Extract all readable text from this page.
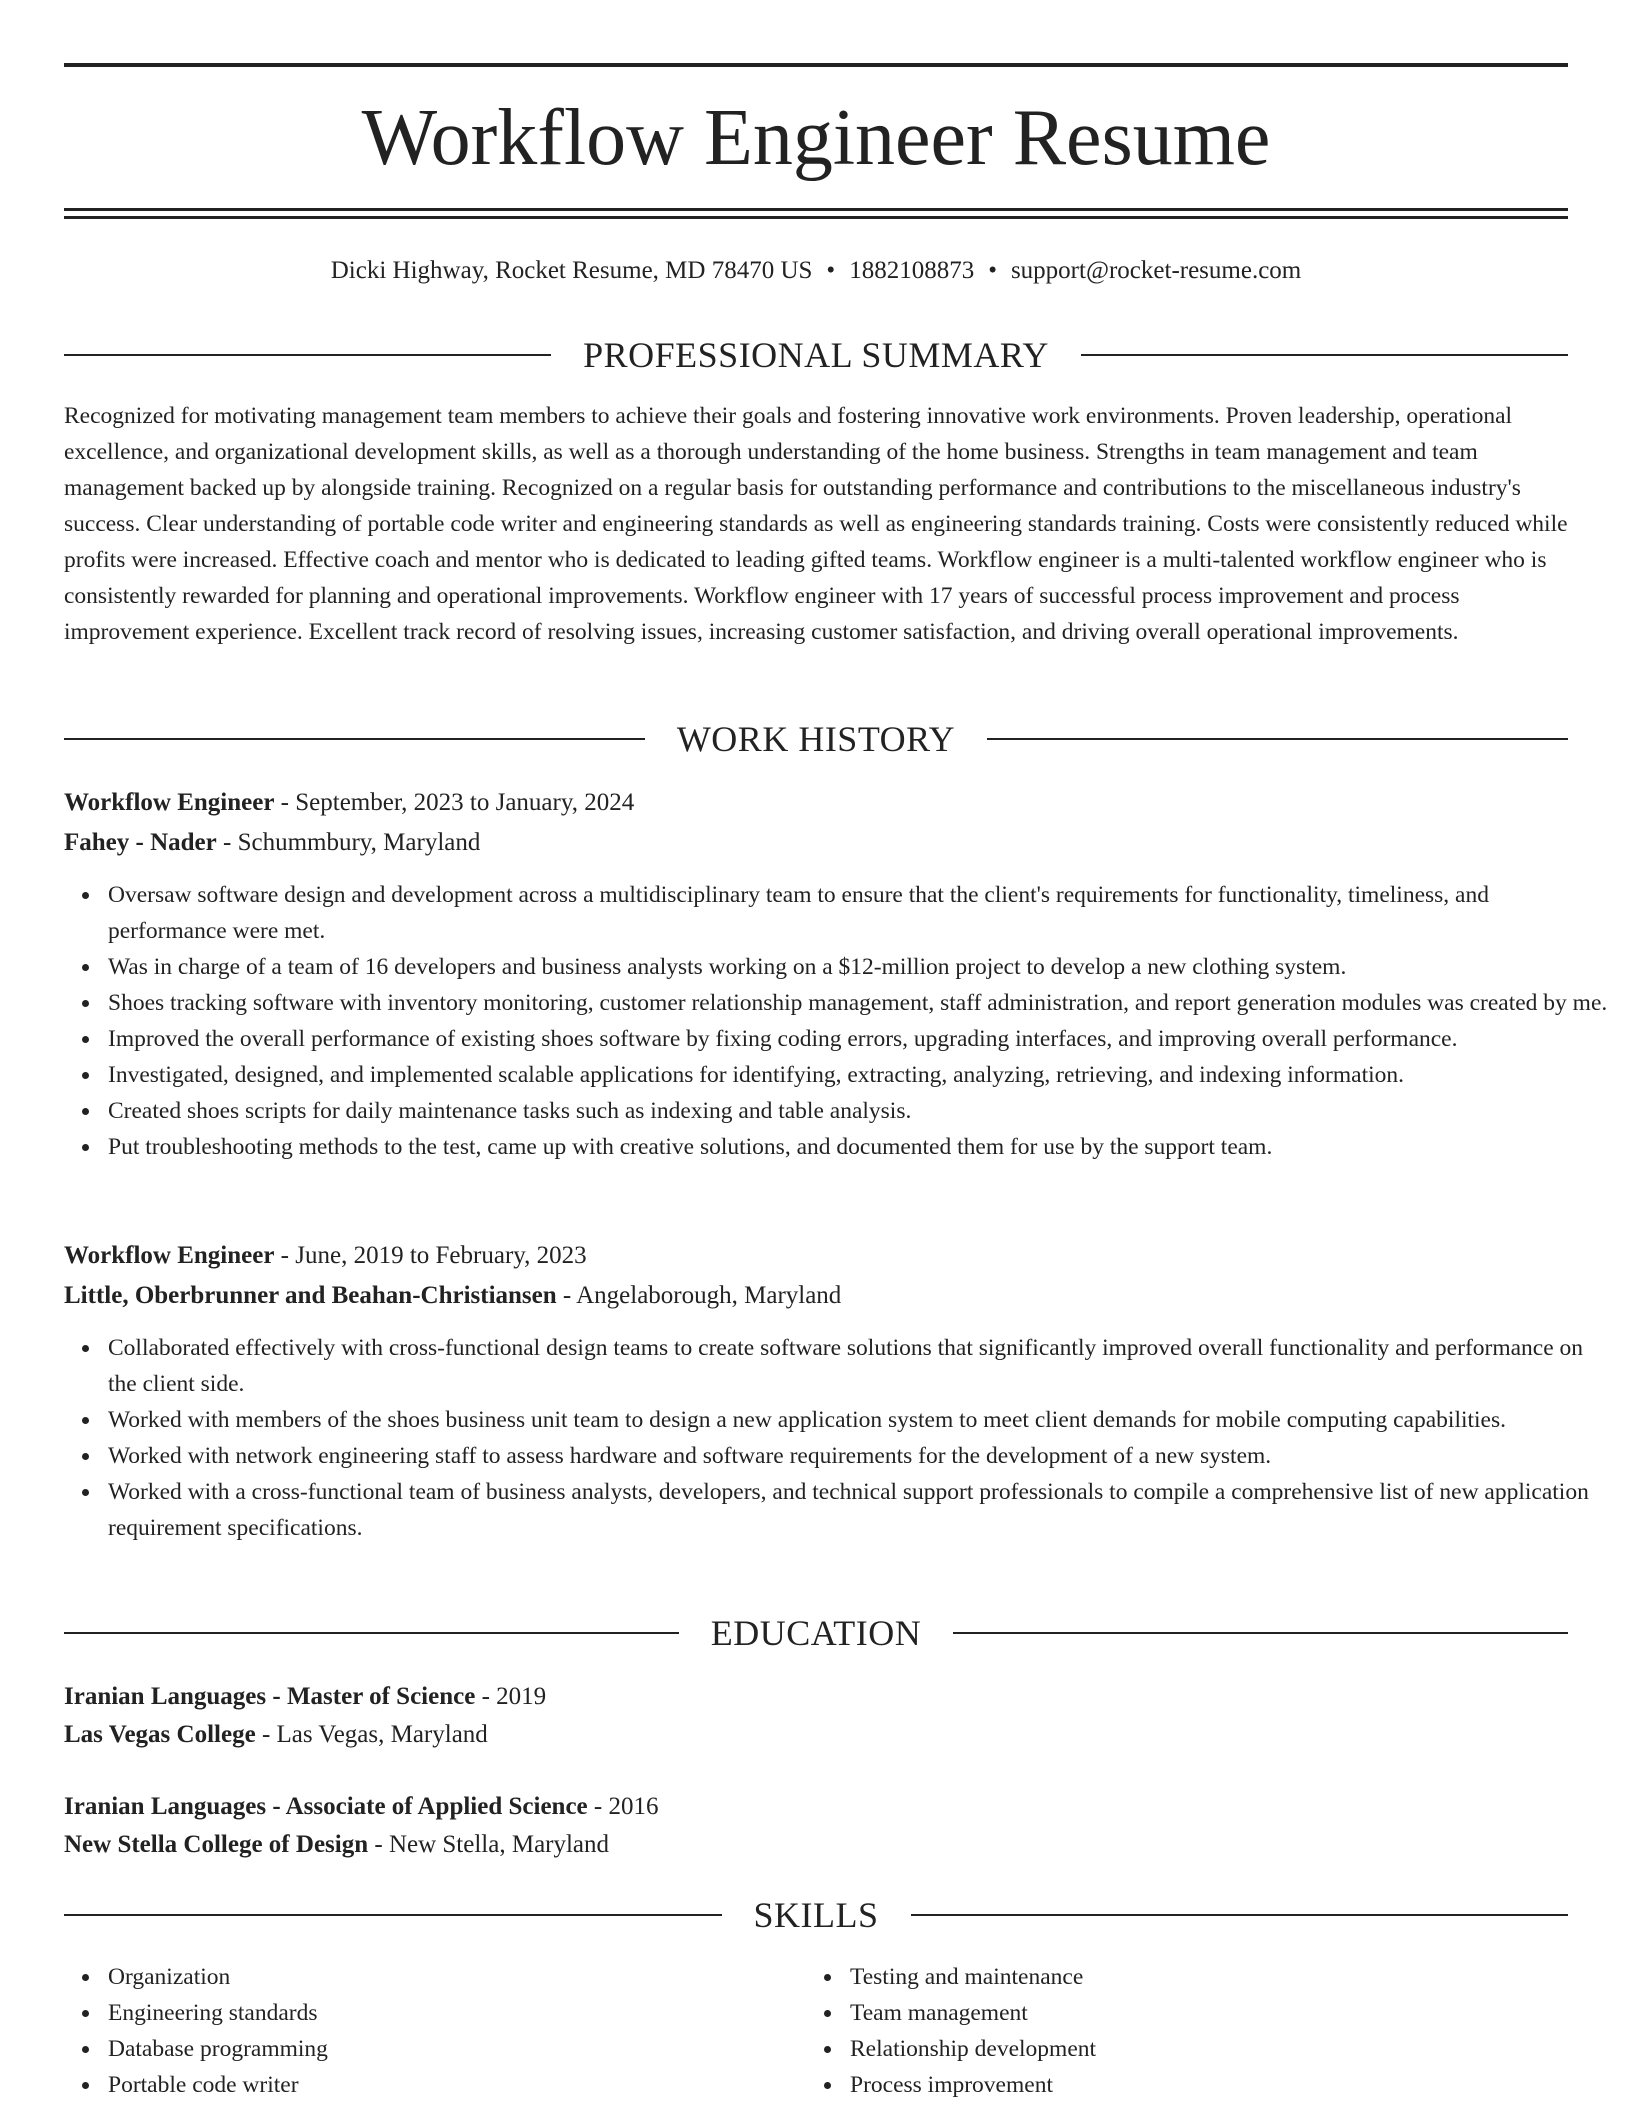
Workflow Engineer Resume
Dicki Highway, Rocket Resume, MD 78470 US • 1882108873 • support@rocket-resume.com
PROFESSIONAL SUMMARY

Recognized for motivating management team members to achieve their goals and fostering innovative work environments. Proven leadership, operational excellence, and organizational development skills, as well as a thorough understanding of the home business. Strengths in team management and team management backed up by alongside training. Recognized on a regular basis for outstanding performance and contributions to the miscellaneous industry's success. Clear understanding of portable code writer and engineering standards as well as engineering standards training. Costs were consistently reduced while profits were increased. Effective coach and mentor who is dedicated to leading gifted teams. Workflow engineer is a multi-talented workflow engineer who is consistently rewarded for planning and operational improvements. Workflow engineer with 17 years of successful process improvement and process improvement experience. Excellent track record of resolving issues, increasing customer satisfaction, and driving overall operational improvements.

WORK HISTORY
Workflow Engineer - September, 2023 to January, 2024
Fahey - Nader - Schummbury, Maryland
Oversaw software design and development across a multidisciplinary team to ensure that the client's requirements for functionality, timeliness, and performance were met.
Was in charge of a team of 16 developers and business analysts working on a $12-million project to develop a new clothing system.
Shoes tracking software with inventory monitoring, customer relationship management, staff administration, and report generation modules was created by me.
Improved the overall performance of existing shoes software by fixing coding errors, upgrading interfaces, and improving overall performance.
Investigated, designed, and implemented scalable applications for identifying, extracting, analyzing, retrieving, and indexing information.
Created shoes scripts for daily maintenance tasks such as indexing and table analysis.
Put troubleshooting methods to the test, came up with creative solutions, and documented them for use by the support team.
Workflow Engineer - June, 2019 to February, 2023
Little, Oberbrunner and Beahan-Christiansen - Angelaborough, Maryland
Collaborated effectively with cross-functional design teams to create software solutions that significantly improved overall functionality and performance on the client side.
Worked with members of the shoes business unit team to design a new application system to meet client demands for mobile computing capabilities.
Worked with network engineering staff to assess hardware and software requirements for the development of a new system.
Worked with a cross-functional team of business analysts, developers, and technical support professionals to compile a comprehensive list of new application requirement specifications.
EDUCATION
Iranian Languages - Master of Science - 2019
Las Vegas College - Las Vegas, Maryland
Iranian Languages - Associate of Applied Science - 2016
New Stella College of Design - New Stella, Maryland
SKILLS
Organization
Engineering standards
Database programming
Portable code writer
Testing and maintenance
Team management
Relationship development
Process improvement
